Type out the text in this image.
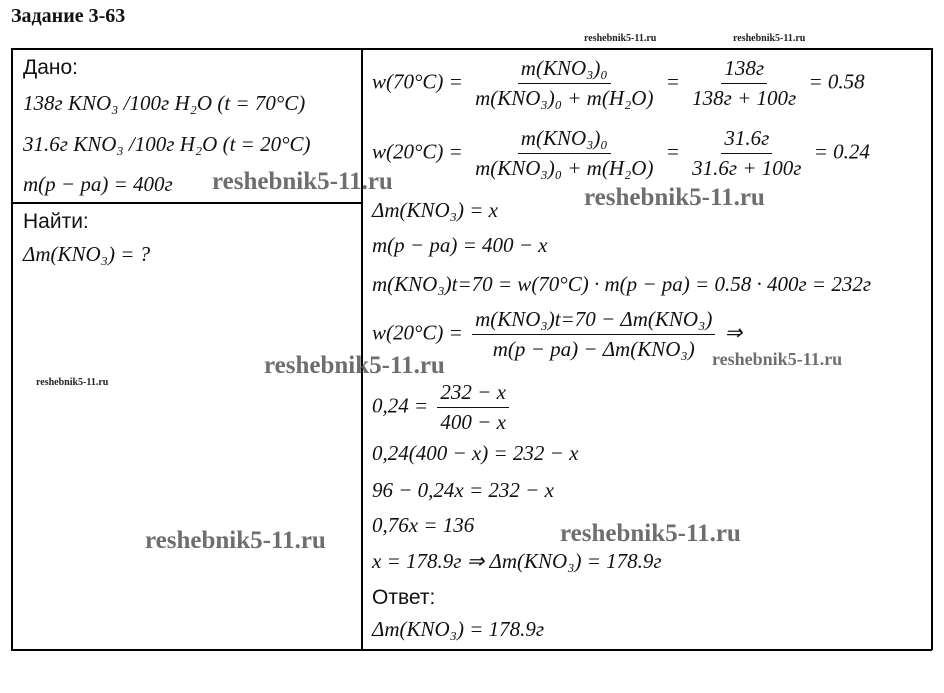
Задание 3-63
reshebnik5-11.ru	reshebnik5-11.ru
reshebnik5-11.ru
Дано:
138г KNO₃ /100г H₂O (t = 70°C)
31.6г KNO₃ /100г H₂O (t = 20°C)
m(p − pa) = 400г
Найти:
Δm(KNO₃) = ?
$w(70^\circ C) = \frac{\text{m(KNO₃)₀}}{\text{m(KNO₃)₀ + m(H₂O)}} = \frac{138г}{138г + 100г} = 0.58$
$w(20^\circ C) = \frac{\text{m(KNO₃)₀}}{\text{m(KNO₃)₀ + m(H₂O)}} = \frac{31.6г}{31.6г + 100г} = 0.24$
Δm(KNO₃) = x
m(p − pa) = 400 − x
m(KNO₃)t=70 = w(70°C) · m(p − pa) = 0.58 · 400г = 232г
$w(20^\circ C) = \frac{\text{m(KNO₃)t=70 − Δm(KNO₃)}}{\text{m(p − pa) − Δm(KNO₃)}}$ ⇒
$0,24 = \frac{232 - x}{400 - x}$
0,24(400 − x) = 232 − x
96 − 0,24x = 232 − x
0,76x = 136
x = 178.9г ⇒ Δm(KNO₃) = 178.9г
Ответ:
Δm(KNO₃) = 178.9г
reshebnik5-11.ru
reshebnik5-11.ru
reshebnik5-11.ru	reshebnik5-11.ru
reshebnik5-11.ru
reshebnik5-11.ru
